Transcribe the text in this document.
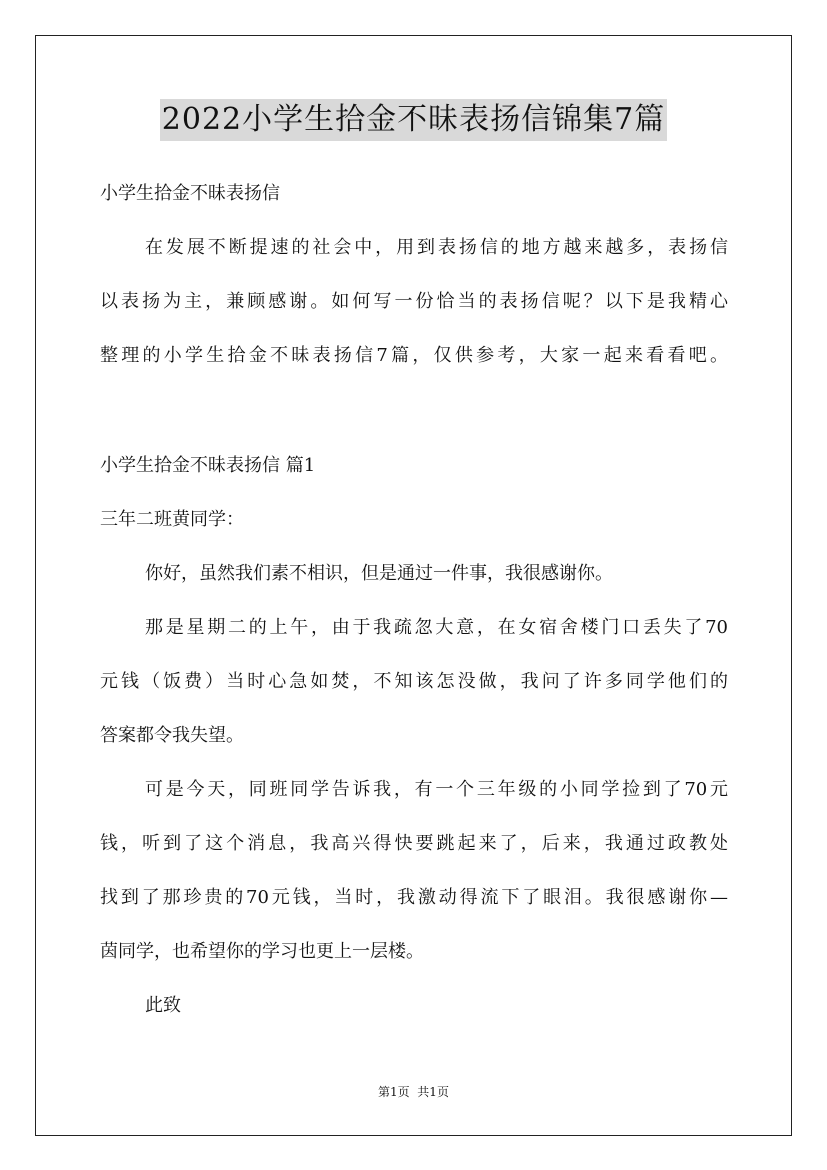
2022小学生拾金不昧表扬信锦集7篇
小学生拾金不昧表扬信
在发展不断提速的社会中，用到表扬信的地方越来越多，表扬信
以表扬为主，兼顾感谢。如何写一份恰当的表扬信呢？以下是我精心
整理的小学生拾金不昧表扬信7篇，仅供参考，大家一起来看看吧。
小学生拾金不昧表扬信 篇1
三年二班黄同学：
你好，虽然我们素不相识，但是通过一件事，我很感谢你。
那是星期二的上午，由于我疏忽大意，在女宿舍楼门口丢失了70
元钱（饭费）当时心急如焚，不知该怎没做，我问了许多同学他们的
答案都令我失望。
可是今天，同班同学告诉我，有一个三年级的小同学捡到了70元
钱，听到了这个消息，我高兴得快要跳起来了，后来，我通过政教处
找到了那珍贵的70元钱，当时，我激动得流下了眼泪。我很感谢你—
茵同学，也希望你的学习也更上一层楼。
此致
第1页  共1页
